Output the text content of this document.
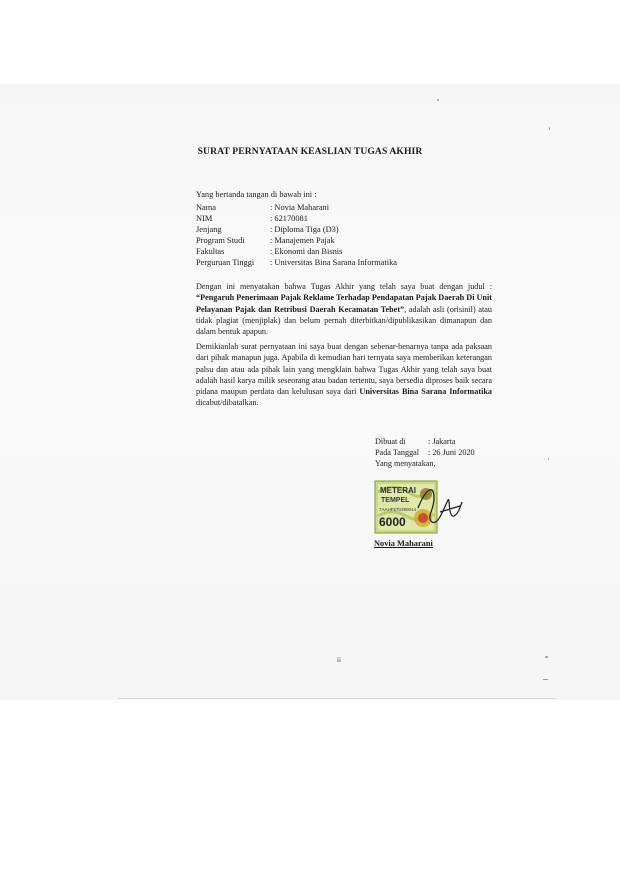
SURAT PERNYATAAN KEASLIAN TUGAS AKHIR
Yang bertanda tangan di bawah ini :
Nama	: Novia Maharani
NIM	: 62170081
Jenjang	: Diploma Tiga (D3)
Program Studi	: Manajemen Pajak
Fakultas	: Ekonomi dan Bisnis
Perguruan Tinggi	: Universitas Bina Sarana Informatika
Dengan ini menyatakan bahwa Tugas Akhir yang telah saya buat dengan judul : “Pengaruh Penerimaan Pajak Reklame Terhadap Pendapatan Pajak Daerah Di Unit Pelayanan Pajak dan Retribusi Daerah Kecamatan Tebet”, adalah asli (orisinil) atau tidak plagiat (menjiplak) dan belum pernah diterbitkan/dipublikasikan dimanapun dan dalam bentuk apapun.
Demikianlah surat pernyataan ini saya buat dengan sebenar-benarnya tanpa ada paksaan dari pihak manapun juga. Apabila di kemudian hari ternyata saya memberikan keterangan palsu dan atau ada pihak lain yang mengklain bahwa Tugas Akhir yang telah saya buat adalah hasil karya milik seseorang atau badan tertentu, saya bersedia diproses baik secara pidana maupun perdata dan kelulusan saya dari Universitas Bina Sarana Informatika dicabut/dibatalkan.
Dibuat di	: Jakarta
Pada Tanggal	: 26 Juni 2020
Yang menyatakan,
METERAI
TEMPEL
7AAHF570390014
6000
Novia Maharani
ii
